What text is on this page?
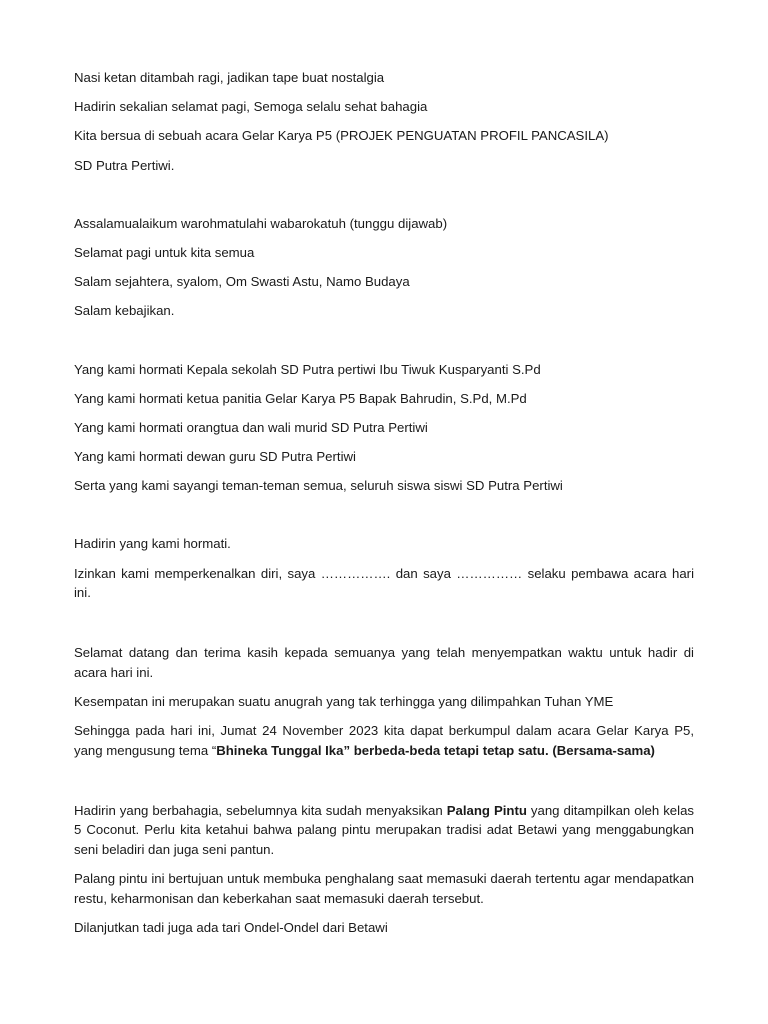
Nasi ketan ditambah ragi, jadikan tape buat nostalgia

Hadirin sekalian selamat pagi, Semoga selalu sehat bahagia

Kita bersua di sebuah acara Gelar Karya P5 (PROJEK PENGUATAN PROFIL PANCASILA)

SD Putra Pertiwi.

Assalamualaikum warohmatulahi wabarokatuh (tunggu dijawab)

Selamat pagi untuk kita semua

Salam sejahtera, syalom, Om Swasti Astu, Namo Budaya

Salam kebajikan.

Yang kami hormati Kepala sekolah SD Putra pertiwi Ibu Tiwuk Kusparyanti S.Pd

Yang kami hormati ketua panitia Gelar Karya P5 Bapak Bahrudin, S.Pd, M.Pd

Yang kami hormati orangtua dan wali murid SD Putra Pertiwi

Yang kami hormati dewan guru SD Putra Pertiwi

Serta yang kami sayangi teman-teman semua, seluruh siswa siswi SD Putra Pertiwi

Hadirin yang kami hormati.

Izinkan kami memperkenalkan diri, saya ……………. dan saya …………… selaku pembawa acara hari ini.

Selamat datang dan terima kasih kepada semuanya yang telah menyempatkan waktu untuk hadir di acara hari ini.

Kesempatan ini merupakan suatu anugrah yang tak terhingga yang dilimpahkan Tuhan YME

Sehingga pada hari ini, Jumat 24 November 2023 kita dapat berkumpul dalam acara Gelar Karya P5, yang mengusung tema “Bhineka Tunggal Ika” berbeda-beda tetapi tetap satu. (Bersama-sama)

Hadirin yang berbahagia, sebelumnya kita sudah menyaksikan Palang Pintu yang ditampilkan oleh kelas 5 Coconut. Perlu kita ketahui bahwa palang pintu merupakan tradisi adat Betawi yang menggabungkan seni beladiri dan juga seni pantun.

Palang pintu ini bertujuan untuk membuka penghalang saat memasuki daerah tertentu agar mendapatkan restu, keharmonisan dan keberkahan saat memasuki daerah tersebut.

Dilanjutkan tadi juga ada tari Ondel-Ondel dari Betawi
